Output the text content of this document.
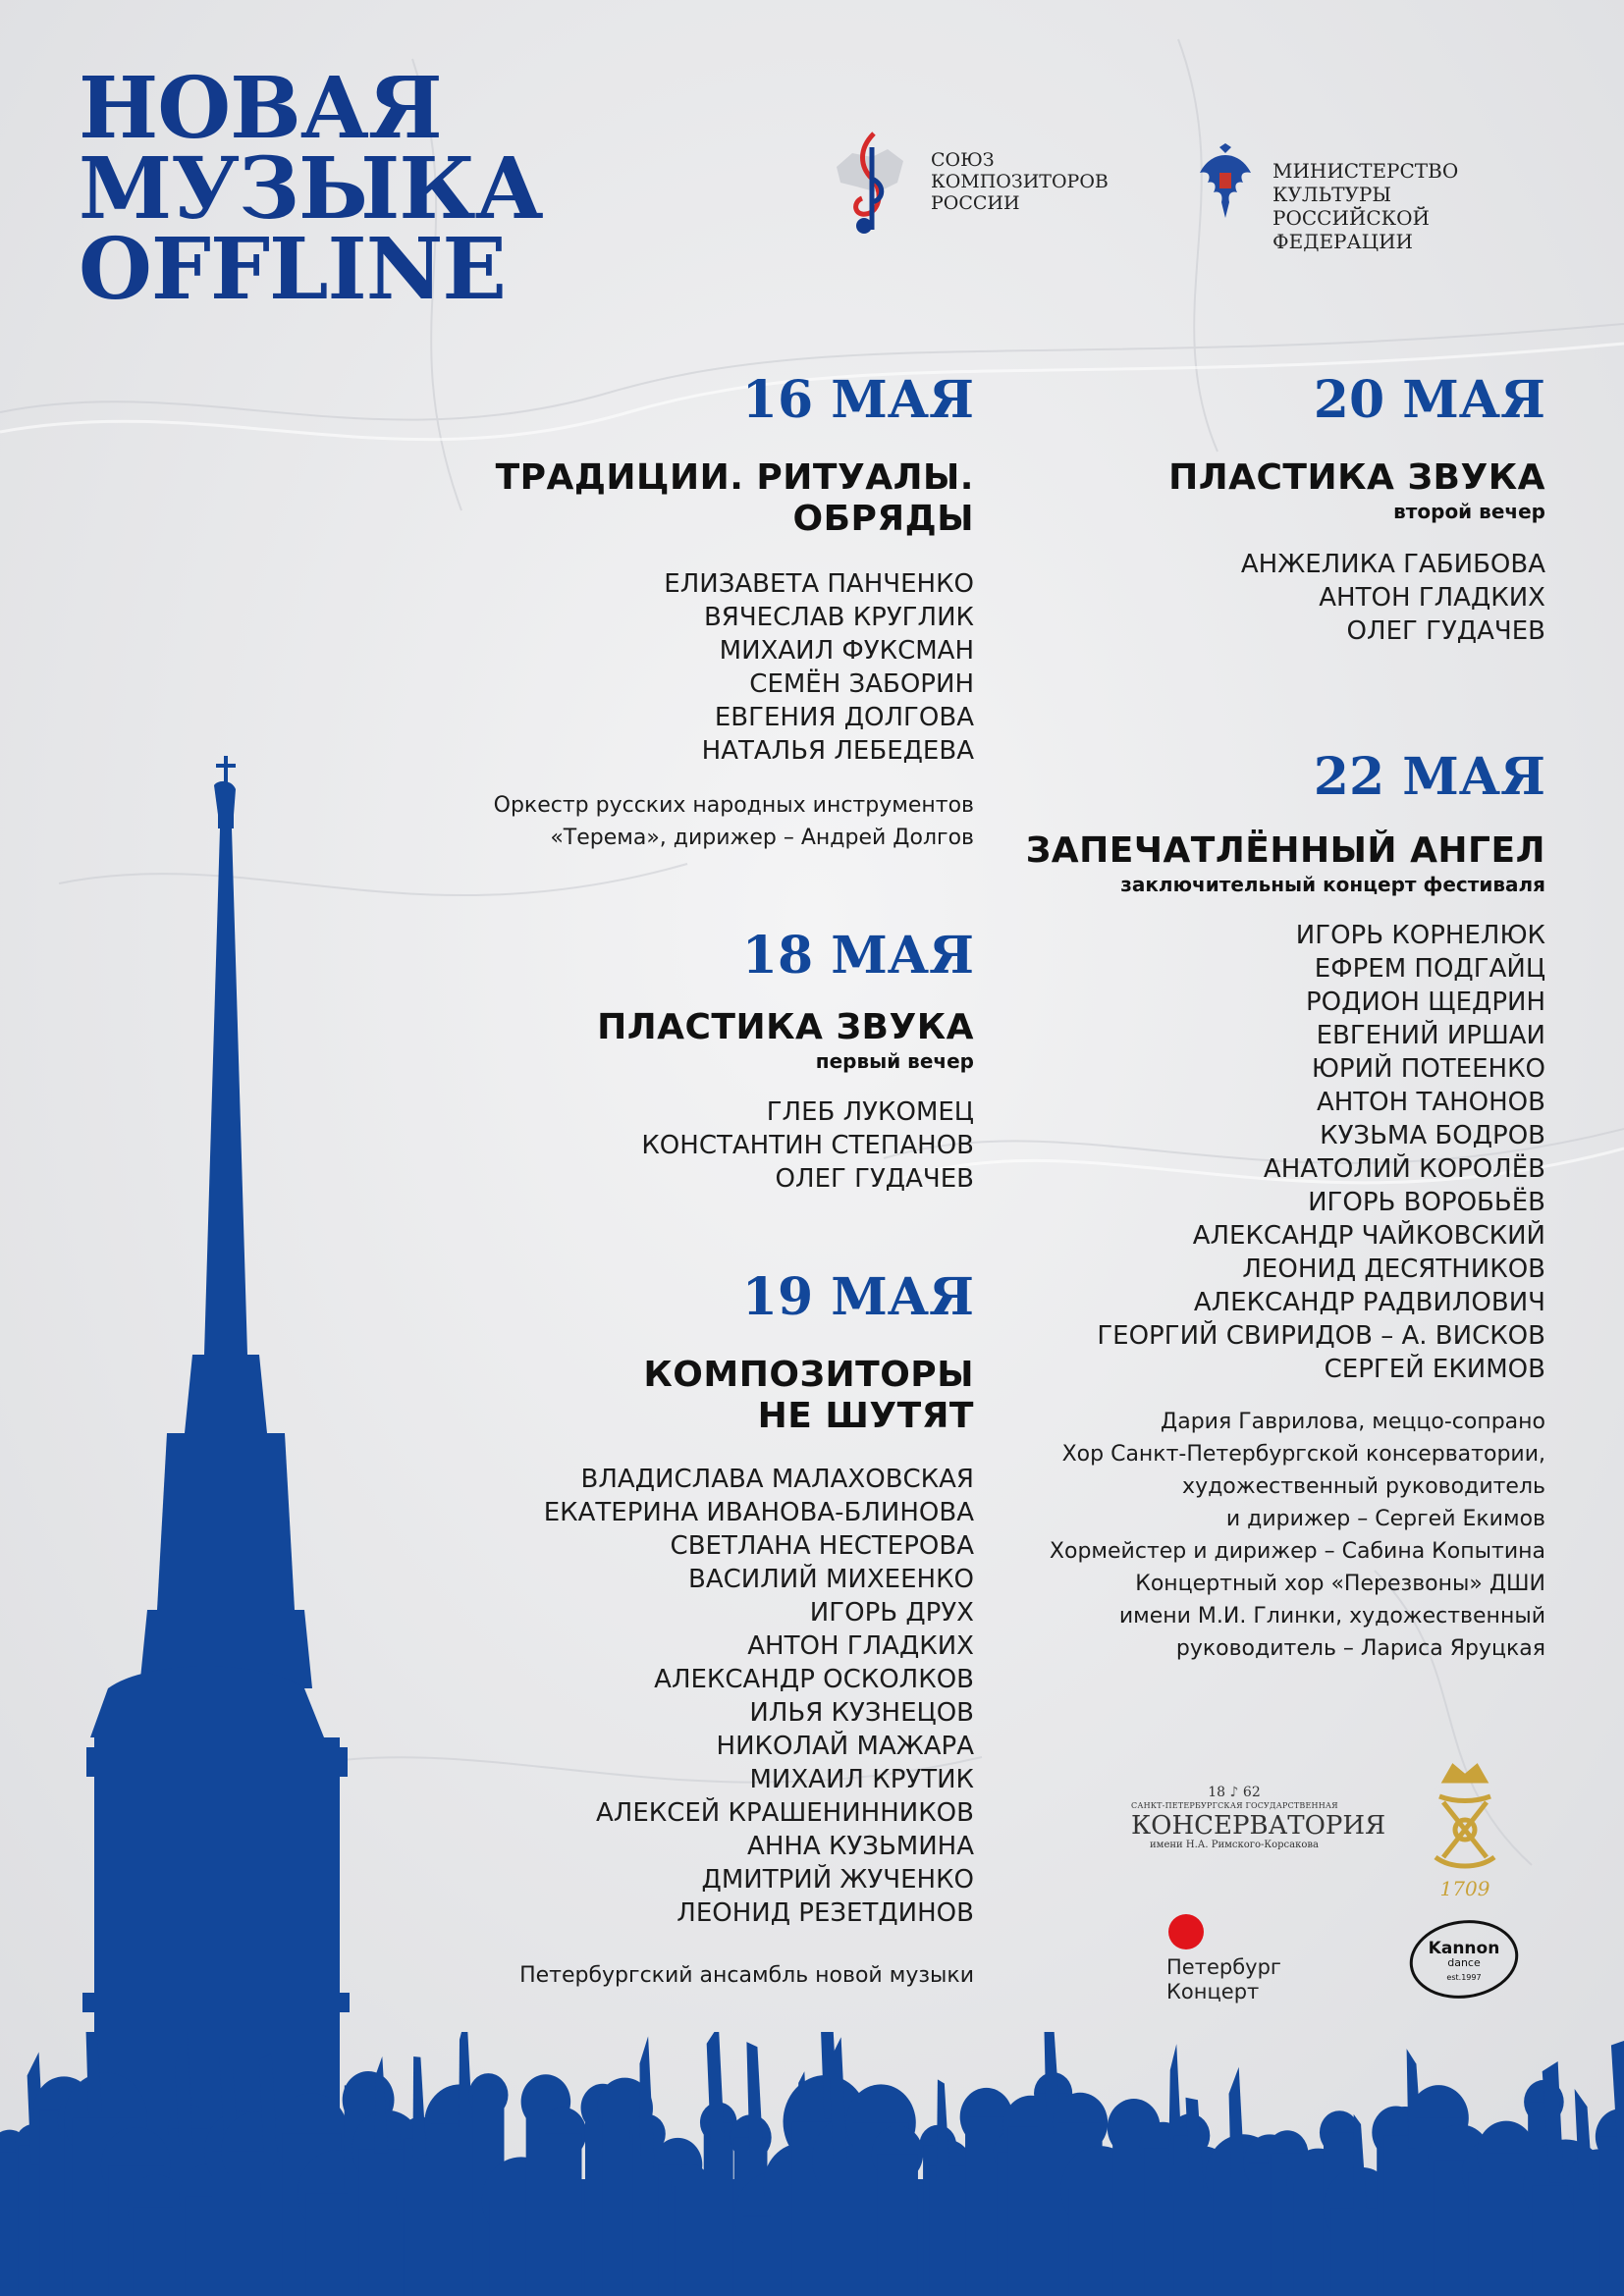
НОВАЯ
МУЗЫКА
OFFLINE
СОЮЗ
КОМПОЗИТОРОВ
РОССИИ
МИНИСТЕРСТВО КУЛЬТУРЫ
РОССИЙСКОЙ ФЕДЕРАЦИИ
16 МАЯ
ТРАДИЦИИ. РИТУАЛЫ.
ОБРЯДЫ
ЕЛИЗАВЕТА ПАНЧЕНКО
ВЯЧЕСЛАВ КРУГЛИК
МИХАИЛ ФУКСМАН
СЕМЁН ЗАБОРИН
ЕВГЕНИЯ ДОЛГОВА
НАТАЛЬЯ ЛЕБЕДЕВА
Оркестр русских народных инструментов
«Терема», дирижер – Андрей Долгов
18 МАЯ
ПЛАСТИКА ЗВУКА
первый вечер
ГЛЕБ ЛУКОМЕЦ
КОНСТАНТИН СТЕПАНОВ
ОЛЕГ ГУДАЧЕВ
19 МАЯ
КОМПОЗИТОРЫ
НЕ ШУТЯТ
ВЛАДИСЛАВА МАЛАХОВСКАЯ
ЕКАТЕРИНА ИВАНОВА-БЛИНОВА
СВЕТЛАНА НЕСТЕРОВА
ВАСИЛИЙ МИХЕЕНКО
ИГОРЬ ДРУХ
АНТОН ГЛАДКИХ
АЛЕКСАНДР ОСКОЛКОВ
ИЛЬЯ КУЗНЕЦОВ
НИКОЛАЙ МАЖАРА
МИХАИЛ КРУТИК
АЛЕКСЕЙ КРАШЕНИННИКОВ
АННА КУЗЬМИНА
ДМИТРИЙ ЖУЧЕНКО
ЛЕОНИД РЕЗЕТДИНОВ
Петербургский ансамбль новой музыки
20 МАЯ
ПЛАСТИКА ЗВУКА
второй вечер
АНЖЕЛИКА ГАБИБОВА
АНТОН ГЛАДКИХ
ОЛЕГ ГУДАЧЕВ
22 МАЯ
ЗАПЕЧАТЛЁННЫЙ АНГЕЛ
заключительный концерт фестиваля
ИГОРЬ КОРНЕЛЮК
ЕФРЕМ ПОДГАЙЦ
РОДИОН ЩЕДРИН
ЕВГЕНИЙ ИРШАИ
ЮРИЙ ПОТЕЕНКО
АНТОН ТАНОНОВ
КУЗЬМА БОДРОВ
АНАТОЛИЙ КОРОЛЁВ
ИГОРЬ ВОРОБЬЁВ
АЛЕКСАНДР ЧАЙКОВСКИЙ
ЛЕОНИД ДЕСЯТНИКОВ
АЛЕКСАНДР РАДВИЛОВИЧ
ГЕОРГИЙ СВИРИДОВ – А. ВИСКОВ
СЕРГЕЙ ЕКИМОВ
Дария Гаврилова, меццо-сопрано
Хор Санкт-Петербургской консерватории,
художественный руководитель
и дирижер – Сергей Екимов
Хормейстер и дирижер – Сабина Копытина
Концертный хор «Перезвоны» ДШИ
имени М.И. Глинки, художественный
руководитель – Лариса Яруцкая
18 ♪ 62
САНКТ-ПЕТЕРБУРГСКАЯ ГОСУДАРСТВЕННАЯ
КОНСЕРВАТОРИЯ
имени Н.А. Римского-Корсакова
1709
Петербург
Концерт
Kannon
dance
est.1997
